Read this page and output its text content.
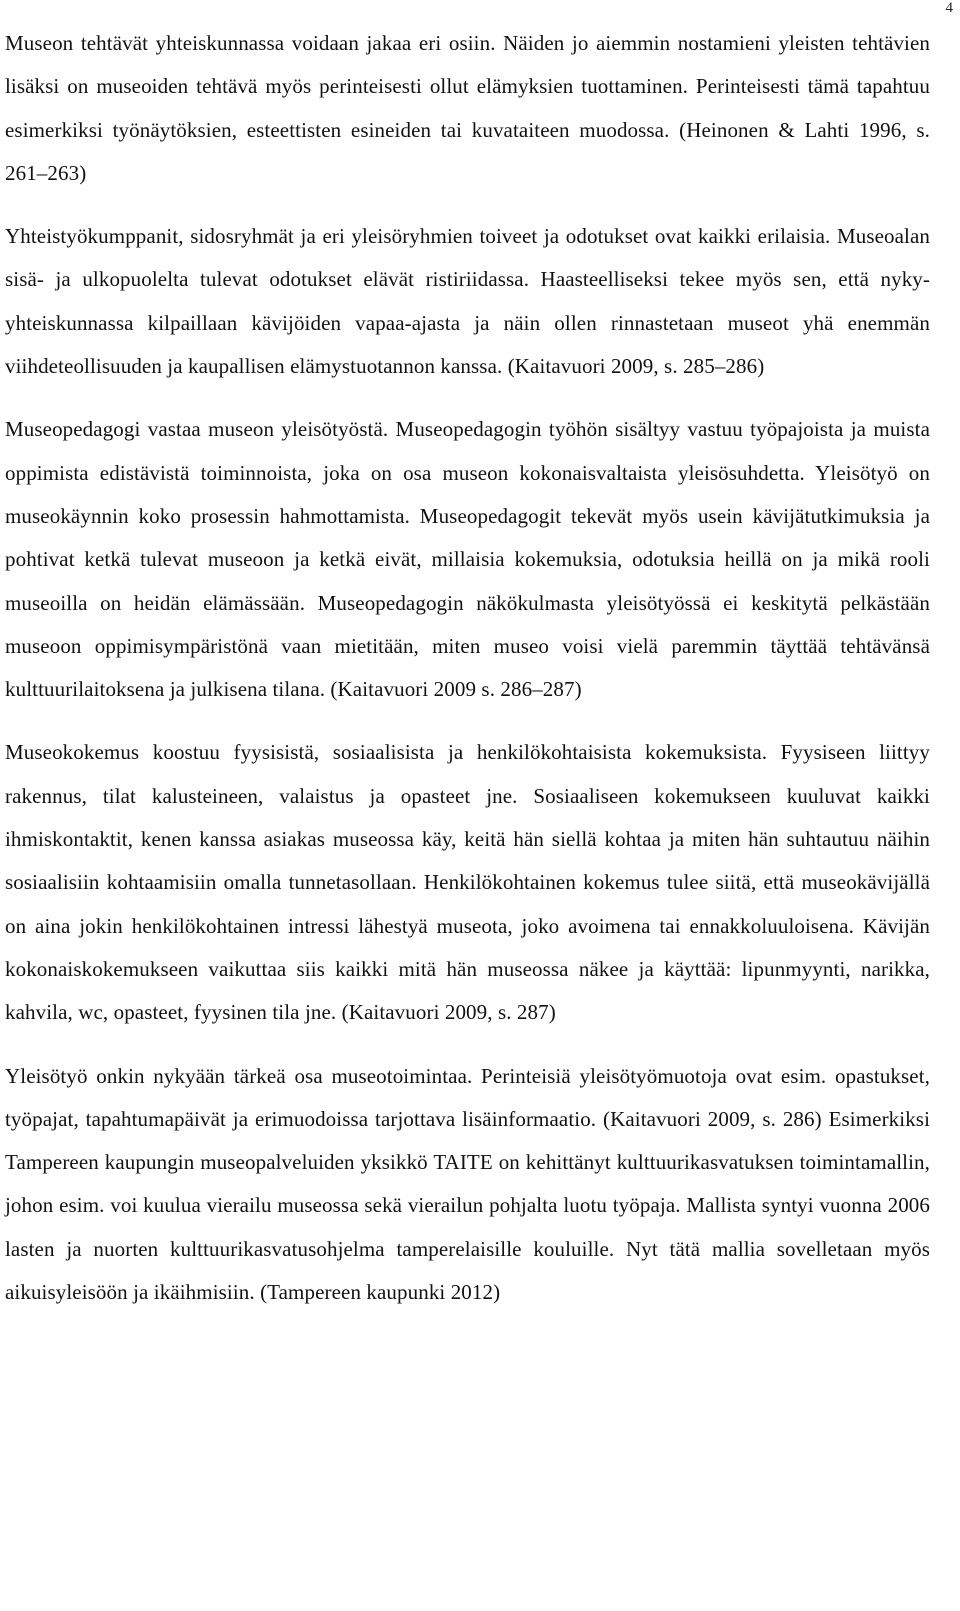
4

Museon tehtävät yhteiskunnassa voidaan jakaa eri osiin. Näiden jo aiemmin nostamieni yleisten tehtävien lisäksi on museoiden tehtävä myös perinteisesti ollut elämyksien tuottaminen. Perinteisesti tämä tapahtuu esimerkiksi työnäytöksien, esteettisten esineiden tai kuvataiteen muodossa. (Heinonen & Lahti 1996, s. 261–263)

Yhteistyökumppanit, sidosryhmät ja eri yleisöryhmien toiveet ja odotukset ovat kaikki erilaisia. Museoalan sisä- ja ulkopuolelta tulevat odotukset elävät ristiriidassa. Haasteelliseksi tekee myös sen, että nyky-yhteiskunnassa kilpaillaan kävijöiden vapaa-ajasta ja näin ollen rinnastetaan museot yhä enemmän viihdeteollisuuden ja kaupallisen elämystuotannon kanssa. (Kaitavuori 2009, s. 285–286)

Museopedagogi vastaa museon yleisötyöstä. Museopedagogin työhön sisältyy vastuu työpajoista ja muista oppimista edistävistä toiminnoista, joka on osa museon kokonaisvaltaista yleisösuhdetta. Yleisötyö on museokäynnin koko prosessin hahmottamista. Museopedagogit tekevät myös usein kävijätutkimuksia ja pohtivat ketkä tulevat museoon ja ketkä eivät, millaisia kokemuksia, odotuksia heillä on ja mikä rooli museoilla on heidän elämässään. Museopedagogin näkökulmasta yleisötyössä ei keskitytä pelkästään museoon oppimisympäristönä vaan mietitään, miten museo voisi vielä paremmin täyttää tehtävänsä kulttuurilaitoksena ja julkisena tilana. (Kaitavuori 2009 s. 286–287)

Museokokemus koostuu fyysisistä, sosiaalisista ja henkilökohtaisista kokemuksista. Fyysiseen liittyy rakennus, tilat kalusteineen, valaistus ja opasteet jne. Sosiaaliseen kokemukseen kuuluvat kaikki ihmiskontaktit, kenen kanssa asiakas museossa käy, keitä hän siellä kohtaa ja miten hän suhtautuu näihin sosiaalisiin kohtaamisiin omalla tunnetasollaan. Henkilökohtainen kokemus tulee siitä, että museokävijällä on aina jokin henkilökohtainen intressi lähestyä museota, joko avoimena tai ennakkoluuloisena. Kävijän kokonaiskokemukseen vaikuttaa siis kaikki mitä hän museossa näkee ja käyttää: lipunmyynti, narikka, kahvila, wc, opasteet, fyysinen tila jne. (Kaitavuori 2009, s. 287)

Yleisötyö onkin nykyään tärkeä osa museotoimintaa. Perinteisiä yleisötyömuotoja ovat esim. opastukset, työpajat, tapahtumapäivät ja erimuodoissa tarjottava lisäinformaatio. (Kaitavuori 2009, s. 286) Esimerkiksi Tampereen kaupungin museopalveluiden yksikkö TAITE on kehittänyt kulttuurikasvatuksen toimintamallin, johon esim. voi kuulua vierailu museossa sekä vierailun pohjalta luotu työpaja. Mallista syntyi vuonna 2006 lasten ja nuorten kulttuurikasvatusohjelma tamperelaisille kouluille. Nyt tätä mallia sovelletaan myös aikuisyleisöön ja ikäihmisiin. (Tampereen kaupunki 2012)
